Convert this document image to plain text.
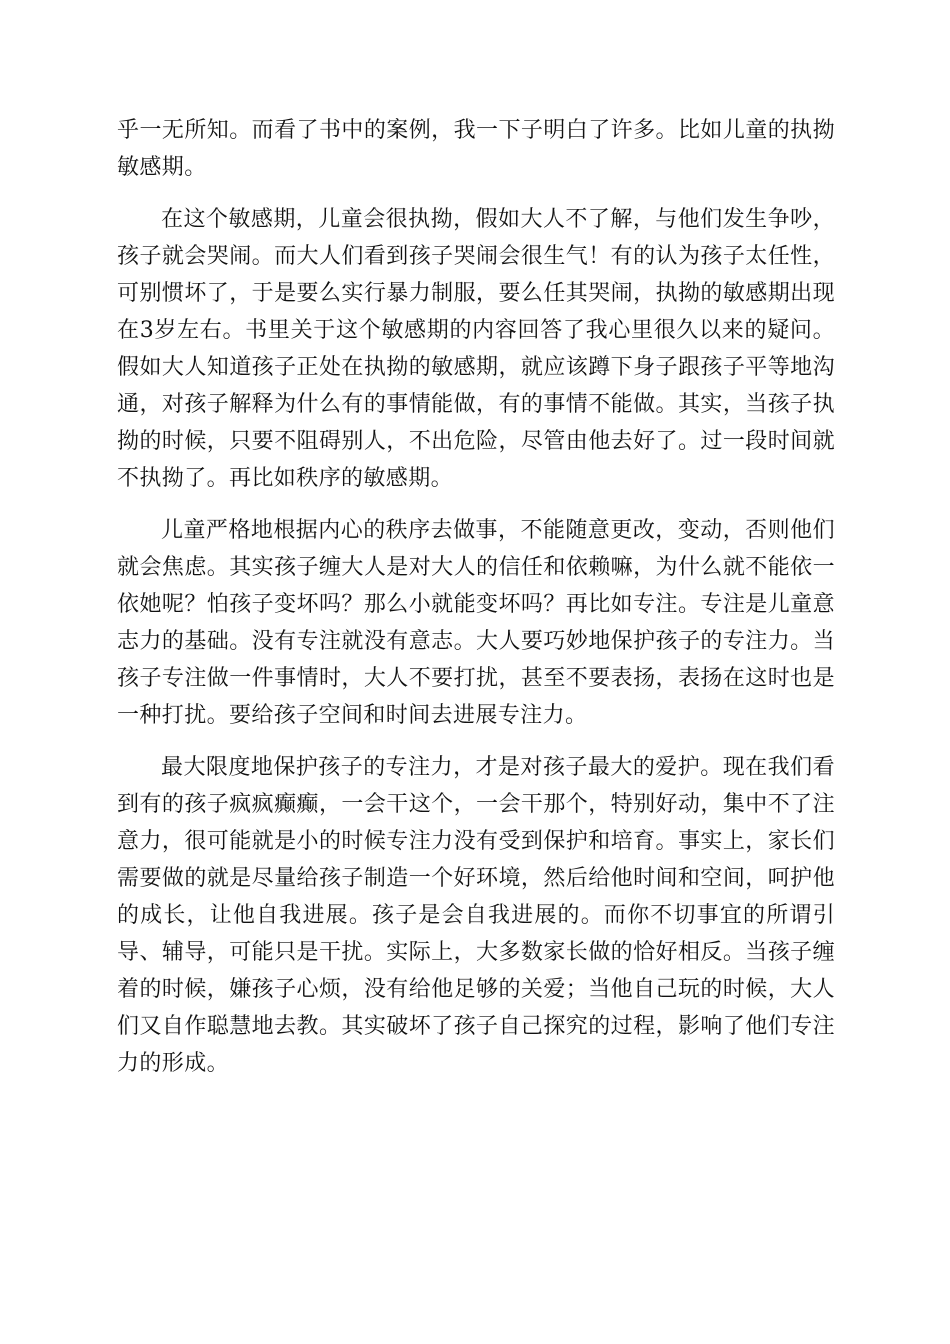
乎一无所知。而看了书中的案例，我一下子明白了许多。比如儿童的执拗敏感期。

在这个敏感期，儿童会很执拗，假如大人不了解，与他们发生争吵，孩子就会哭闹。而大人们看到孩子哭闹会很生气！有的认为孩子太任性，可别惯坏了，于是要么实行暴力制服，要么任其哭闹，执拗的敏感期出现在3岁左右。书里关于这个敏感期的内容回答了我心里很久以来的疑问。假如大人知道孩子正处在执拗的敏感期，就应该蹲下身子跟孩子平等地沟通，对孩子解释为什么有的事情能做，有的事情不能做。其实，当孩子执拗的时候，只要不阻碍别人，不出危险，尽管由他去好了。过一段时间就不执拗了。再比如秩序的敏感期。

儿童严格地根据内心的秩序去做事，不能随意更改，变动，否则他们就会焦虑。其实孩子缠大人是对大人的信任和依赖嘛，为什么就不能依一依她呢？怕孩子变坏吗？那么小就能变坏吗？再比如专注。专注是儿童意志力的基础。没有专注就没有意志。大人要巧妙地保护孩子的专注力。当孩子专注做一件事情时，大人不要打扰，甚至不要表扬，表扬在这时也是一种打扰。要给孩子空间和时间去进展专注力。

最大限度地保护孩子的专注力，才是对孩子最大的爱护。现在我们看到有的孩子疯疯癫癫，一会干这个，一会干那个，特别好动，集中不了注意力，很可能就是小的时候专注力没有受到保护和培育。事实上，家长们需要做的就是尽量给孩子制造一个好环境，然后给他时间和空间，呵护他的成长，让他自我进展。孩子是会自我进展的。而你不切事宜的所谓引导、辅导，可能只是干扰。实际上，大多数家长做的恰好相反。当孩子缠着的时候，嫌孩子心烦，没有给他足够的关爱；当他自己玩的时候，大人们又自作聪慧地去教。其实破坏了孩子自己探究的过程，影响了他们专注力的形成。
